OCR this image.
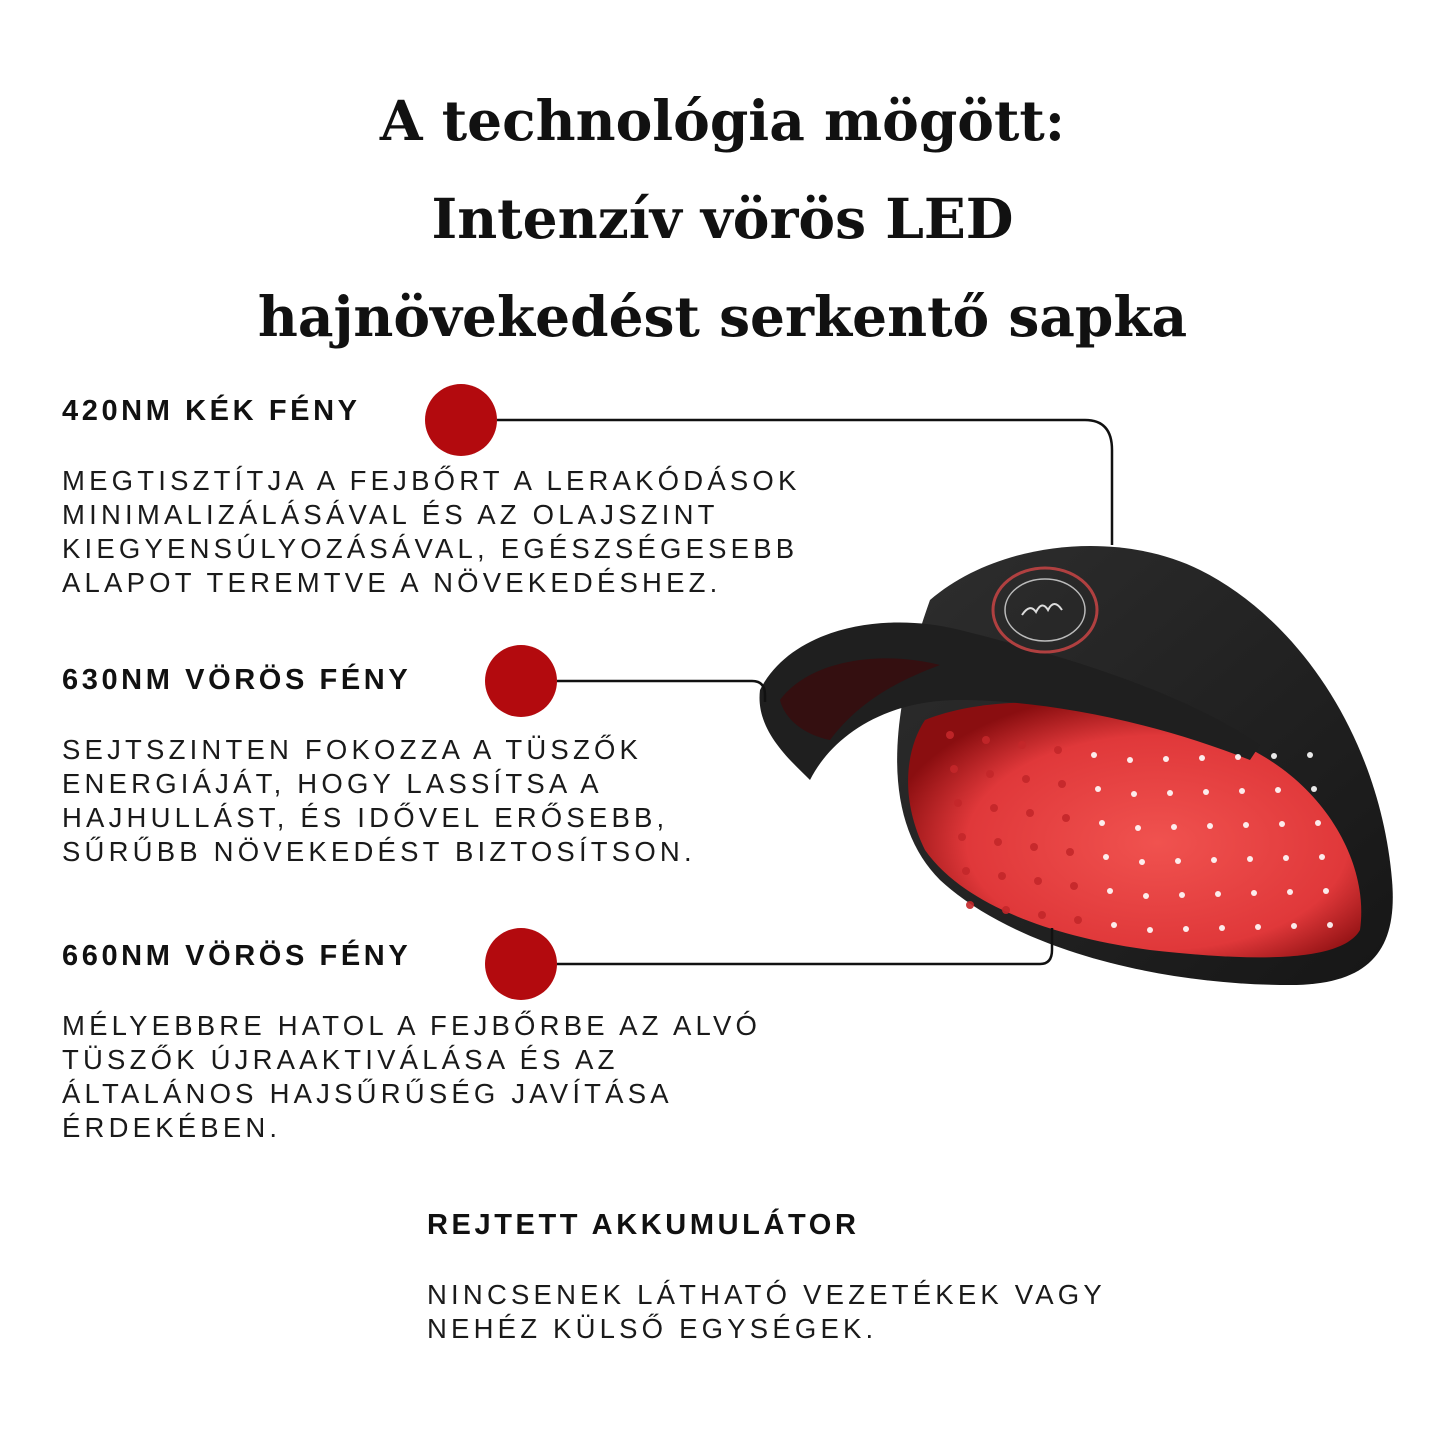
A technológia mögött:
Intenzív vörös LED
hajnövekedést serkentő sapka
420NM KÉK FÉNY
MEGTISZTÍTJA A FEJBŐRT A LERAKÓDÁSOK
MINIMALIZÁLÁSÁVAL ÉS AZ OLAJSZINT
KIEGYENSÚLYOZÁSÁVAL, EGÉSZSÉGESEBB
ALAPOT TEREMTVE A NÖVEKEDÉSHEZ.
630NM VÖRÖS FÉNY
SEJTSZINTEN FOKOZZA A TÜSZŐK
ENERGIÁJÁT, HOGY LASSÍTSA A
HAJHULLÁST, ÉS IDŐVEL ERŐSEBB,
SŰRŰBB NÖVEKEDÉST BIZTOSÍTSON.
660NM VÖRÖS FÉNY
MÉLYEBBRE HATOL A FEJBŐRBE AZ ALVÓ
TÜSZŐK ÚJRAAKTIVÁLÁSA ÉS AZ
ÁLTALÁNOS HAJSŰRŰSÉG JAVÍTÁSA
ÉRDEKÉBEN.
REJTETT AKKUMULÁTOR
NINCSENEK LÁTHATÓ VEZETÉKEK VAGY
NEHÉZ KÜLSŐ EGYSÉGEK.
